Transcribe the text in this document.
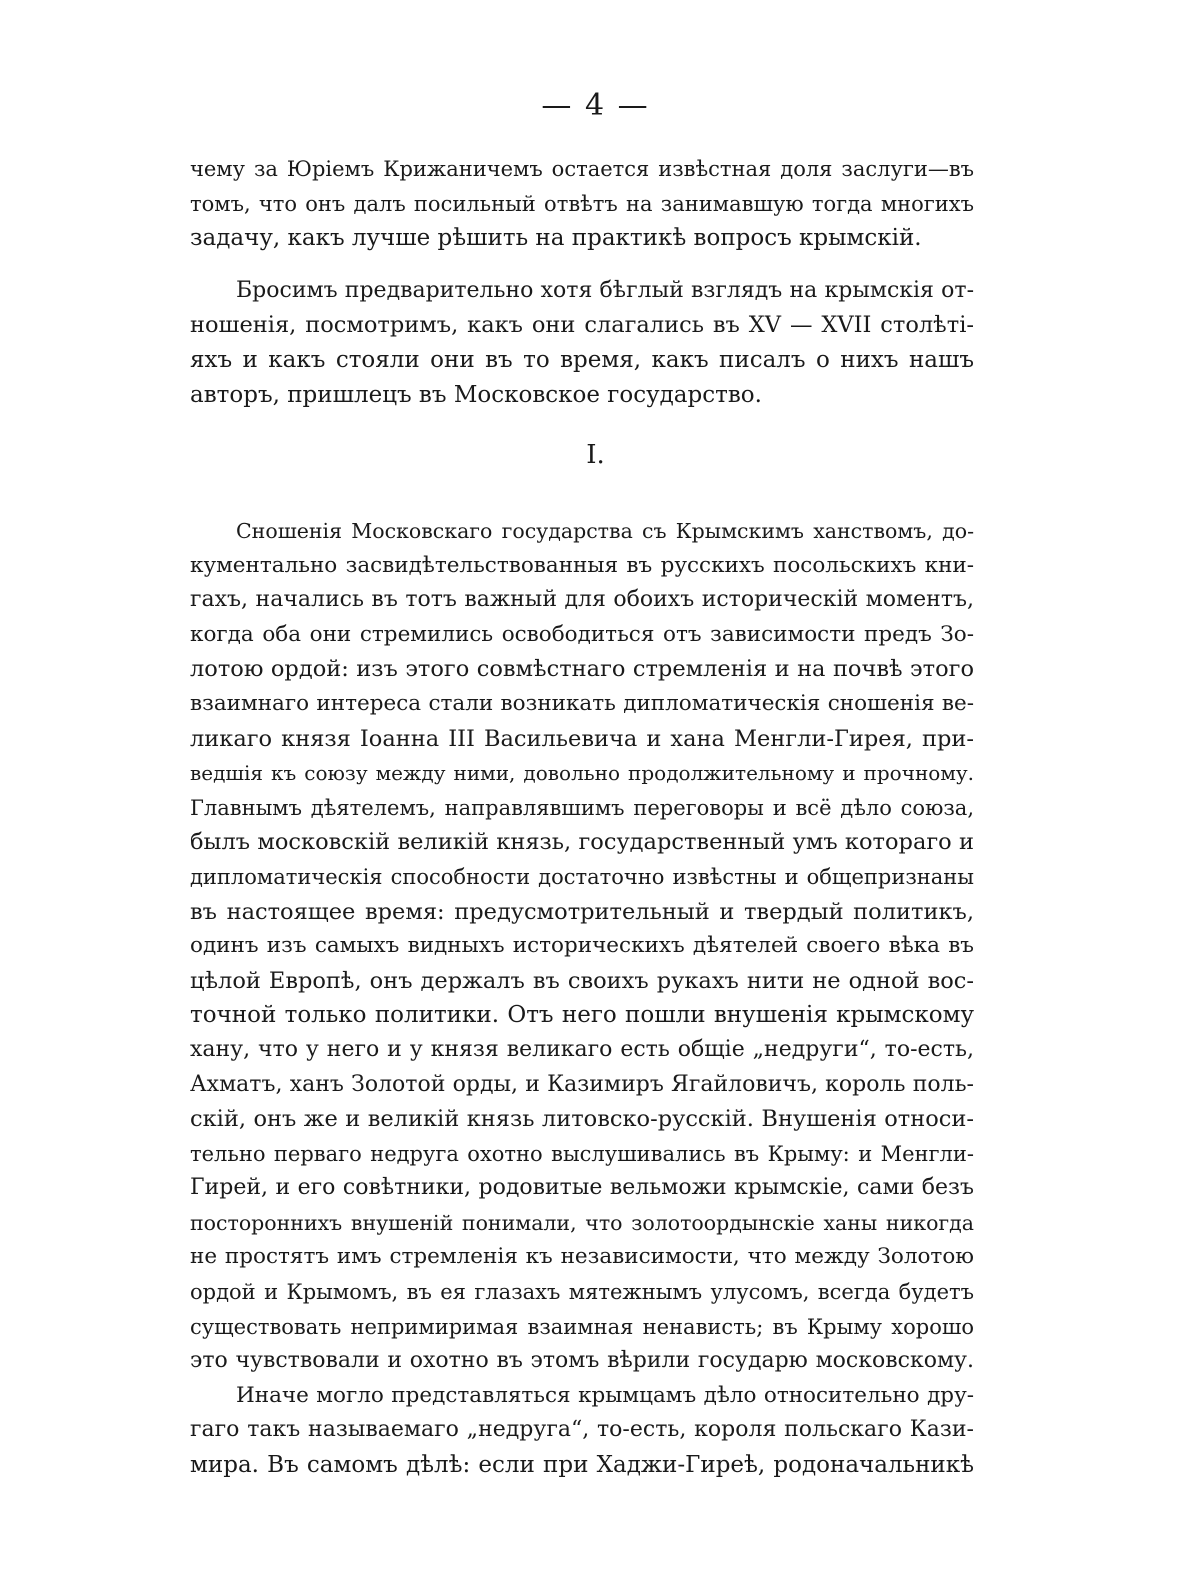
— 4 —
чему за Юріемъ Крижаничемъ остается извѣстная доля заслуги—въ
томъ, что онъ далъ посильный отвѣтъ на занимавшую тогда многихъ
задачу, какъ лучше рѣшить на практикѣ вопросъ крымскій.
Бросимъ предварительно хотя бѣглый взглядъ на крымскія от-
ношенія, посмотримъ, какъ они слагались въ XV — XVII столѣті-
яхъ и какъ стояли они въ то время, какъ писалъ о нихъ нашъ
авторъ, пришлецъ въ Московское государство.
I.
Сношенія Московскаго государства съ Крымскимъ ханствомъ, до-
кументально засвидѣтельствованныя въ русскихъ посольскихъ кни-
гахъ, начались въ тотъ важный для обоихъ историческій моментъ,
когда оба они стремились освободиться отъ зависимости предъ Зо-
лотою ордой: изъ этого совмѣстнаго стремленія и на почвѣ этого
взаимнаго интереса стали возникать дипломатическія сношенія ве-
ликаго князя Іоанна III Васильевича и хана Менгли-Гирея, при-
ведшія къ союзу между ними, довольно продолжительному и прочному.
Главнымъ дѣятелемъ, направлявшимъ переговоры и всё дѣло союза,
былъ московскій великій князь, государственный умъ котораго и
дипломатическія способности достаточно извѣстны и общепризнаны
въ настоящее время: предусмотрительный и твердый политикъ,
одинъ изъ самыхъ видныхъ историческихъ дѣятелей своего вѣка въ
цѣлой Европѣ, онъ держалъ въ своихъ рукахъ нити не одной вос-
точной только политики. Отъ него пошли внушенія крымскому
хану, что у него и у князя великаго есть общіе „недруги“, то-есть,
Ахматъ, ханъ Золотой орды, и Казимиръ Ягайловичъ, король поль-
скій, онъ же и великій князь литовско-русскій. Внушенія относи-
тельно перваго недруга охотно выслушивались въ Крыму: и Менгли-
Гирей, и его совѣтники, родовитые вельможи крымскіе, сами безъ
постороннихъ внушеній понимали, что золотоордынскіе ханы никогда
не простятъ имъ стремленія къ независимости, что между Золотою
ордой и Крымомъ, въ ея глазахъ мятежнымъ улусомъ, всегда будетъ
существовать непримиримая взаимная ненависть; въ Крыму хорошо
это чувствовали и охотно въ этомъ вѣрили государю московскому.
Иначе могло представляться крымцамъ дѣло относительно дру-
гаго такъ называемаго „недруга“, то-есть, короля польскаго Кази-
мира. Въ самомъ дѣлѣ: если при Хаджи-Гиреѣ, родоначальникѣ
